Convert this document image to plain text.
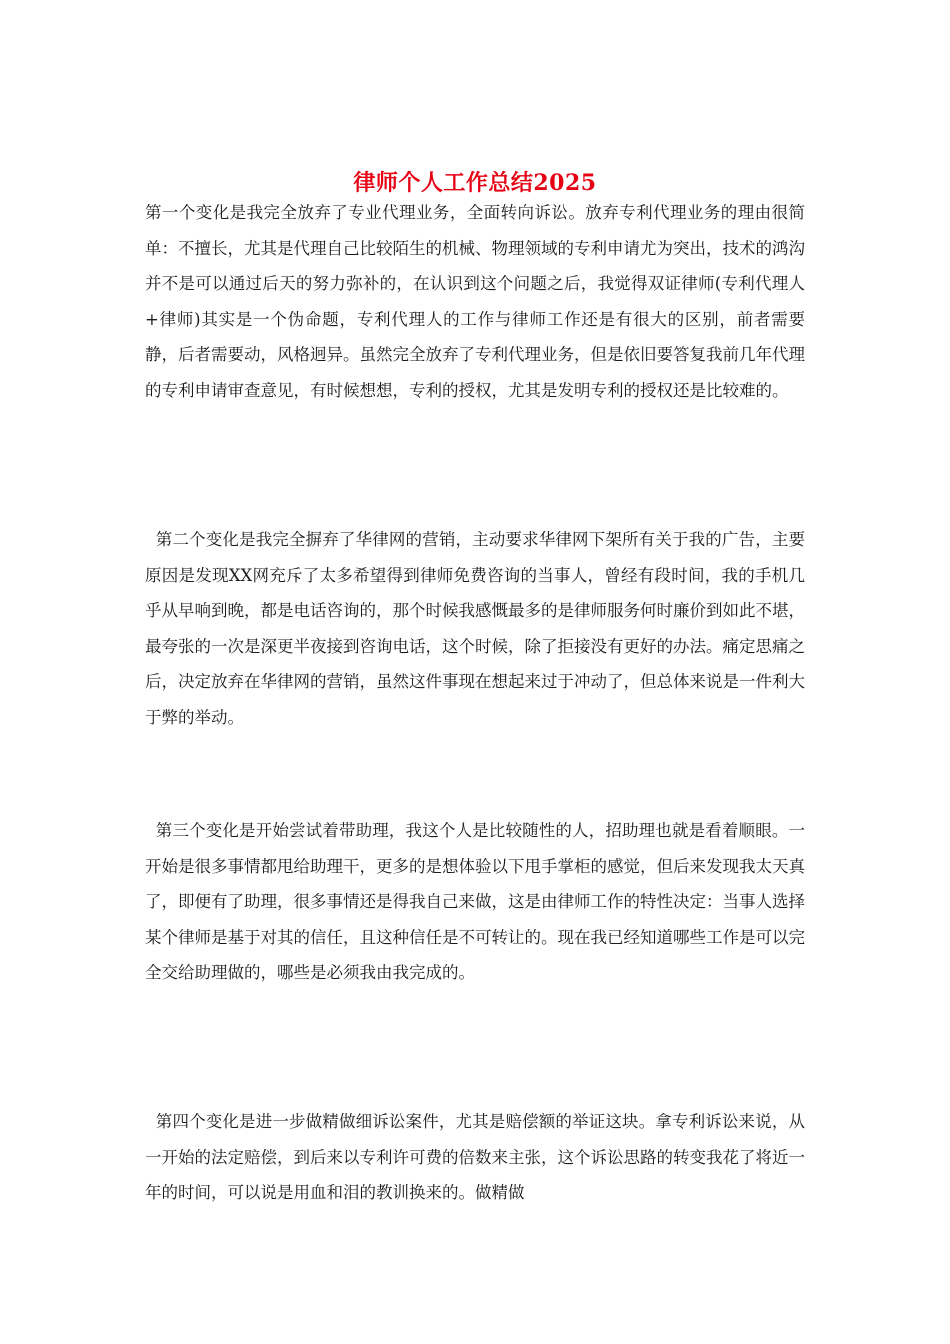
律师个人工作总结2025

第一个变化是我完全放弃了专业代理业务，全面转向诉讼。放弃专利代理业务的理由很简单：不擅长，尤其是代理自己比较陌生的机械、物理领域的专利申请尤为突出，技术的鸿沟并不是可以通过后天的努力弥补的，在认识到这个问题之后，我觉得双证律师(专利代理人+律师)其实是一个伪命题，专利代理人的工作与律师工作还是有很大的区别，前者需要静，后者需要动，风格迥异。虽然完全放弃了专利代理业务，但是依旧要答复我前几年代理的专利申请审查意见，有时候想想，专利的授权，尤其是发明专利的授权还是比较难的。

第二个变化是我完全摒弃了华律网的营销，主动要求华律网下架所有关于我的广告，主要原因是发现XX网充斥了太多希望得到律师免费咨询的当事人，曾经有段时间，我的手机几乎从早响到晚，都是电话咨询的，那个时候我感慨最多的是律师服务何时廉价到如此不堪，最夸张的一次是深更半夜接到咨询电话，这个时候，除了拒接没有更好的办法。痛定思痛之后，决定放弃在华律网的营销，虽然这件事现在想起来过于冲动了，但总体来说是一件利大于弊的举动。

第三个变化是开始尝试着带助理，我这个人是比较随性的人，招助理也就是看着顺眼。一开始是很多事情都甩给助理干，更多的是想体验以下甩手掌柜的感觉，但后来发现我太天真了，即便有了助理，很多事情还是得我自己来做，这是由律师工作的特性决定：当事人选择某个律师是基于对其的信任，且这种信任是不可转让的。现在我已经知道哪些工作是可以完全交给助理做的，哪些是必须我由我完成的。

第四个变化是进一步做精做细诉讼案件，尤其是赔偿额的举证这块。拿专利诉讼来说，从一开始的法定赔偿，到后来以专利许可费的倍数来主张，这个诉讼思路的转变我花了将近一年的时间，可以说是用血和泪的教训换来的。做精做
